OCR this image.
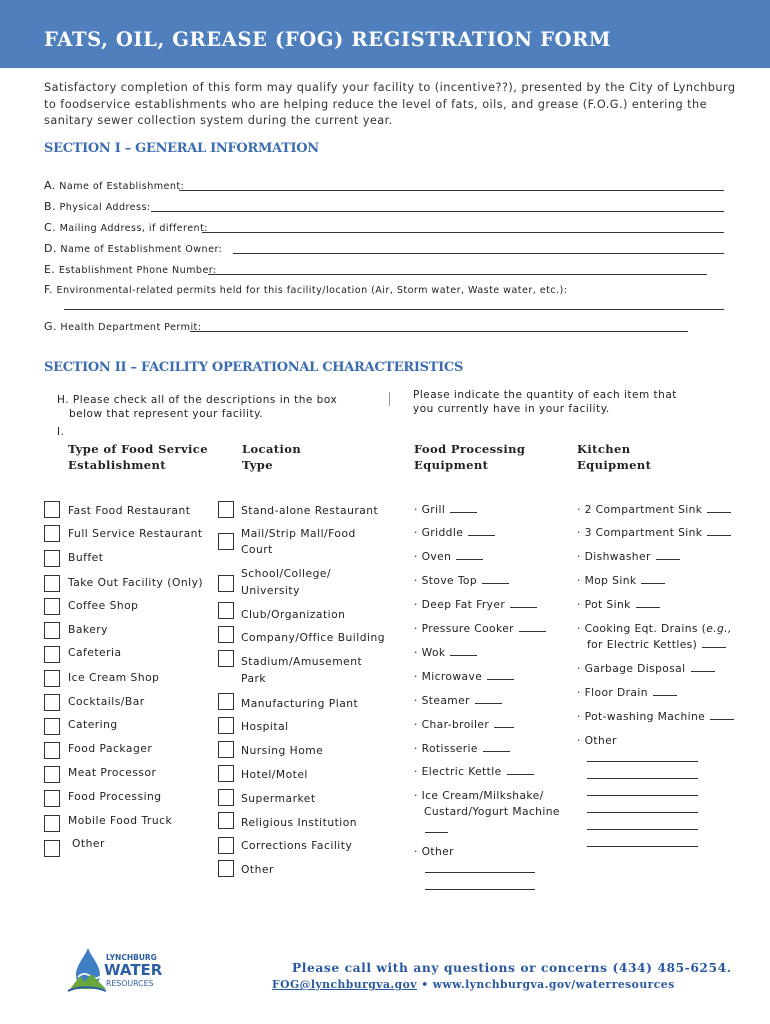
FATS, OIL, GREASE (FOG) REGISTRATION FORM
Satisfactory completion of this form may qualify your facility to (incentive??), presented by the City of Lynchburg to foodservice establishments who are helping reduce the level of fats, oils, and grease (F.O.G.) entering the sanitary sewer collection system during the current year.
SECTION I – GENERAL INFORMATION
A. Name of Establishment:
B. Physical Address:
C. Mailing Address, if different:
D. Name of Establishment Owner:
E. Establishment Phone Number:
F. Environmental-related permits held for this facility/location (Air, Storm water, Waste water, etc.):
G. Health Department Permit:
SECTION II – FACILITY OPERATIONAL CHARACTERISTICS
H. Please check all of the descriptions in the box
below that represent your facility.
I.
Please indicate the quantity of each item that
you currently have in your facility.
Type of Food Service
Establishment
Location
Type
Food Processing
Equipment
Kitchen
Equipment
Fast Food Restaurant
Full Service Restaurant
Buffet
Take Out Facility (Only)
Coffee Shop
Bakery
Cafeteria
Ice Cream Shop
Cocktails/Bar
Catering
Food Packager
Meat Processor
Food Processing
Mobile Food Truck
Other
Stand-alone Restaurant
Mail/Strip Mall/Food
Court
School/College/
University
Club/Organization
Company/Office Building
Stadium/Amusement
Park
Manufacturing Plant
Hospital
Nursing Home
Hotel/Motel
Supermarket
Religious Institution
Corrections Facility
Other
· Grill
· Griddle
· Oven
· Stove Top
· Deep Fat Fryer
· Pressure Cooker
· Wok
· Microwave
· Steamer
· Char-broiler
· Rotisserie
· Electric Kettle
· Ice Cream/Milkshake/
Custard/Yogurt Machine
· Other
· 2 Compartment Sink
· 3 Compartment Sink
· Dishwasher
· Mop Sink
· Pot Sink
· Cooking Eqt. Drains (e.g.,
for Electric Kettles)
· Garbage Disposal
· Floor Drain
· Pot-washing Machine
· Other
LYNCHBURG
WATER
RESOURCES
Please call with any questions or concerns (434) 485-6254.
FOG@lynchburgva.gov • www.lynchburgva.gov/waterresources
